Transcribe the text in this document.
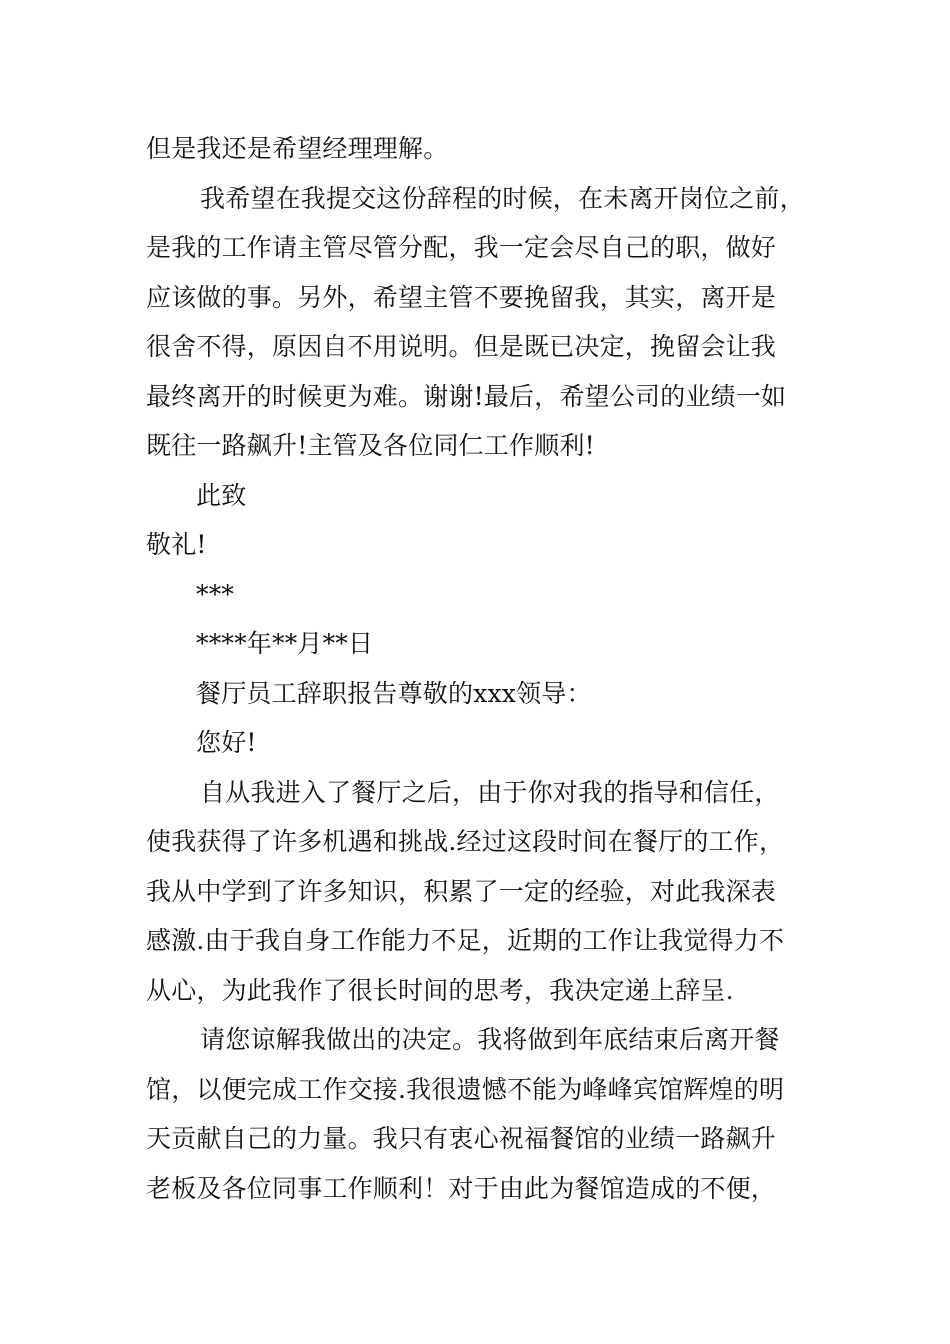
但是我还是希望经理理解。
我希望在我提交这份辞程的时候，在未离开岗位之前，
是我的工作请主管尽管分配，我一定会尽自己的职，做好
应该做的事。另外，希望主管不要挽留我，其实，离开是
很舍不得，原因自不用说明。但是既已决定，挽留会让我
最终离开的时候更为难。谢谢!最后，希望公司的业绩一如
既往一路飙升!主管及各位同仁工作顺利!
此致
敬礼!
***
****年**月**日
餐厅员工辞职报告尊敬的xxx领导：
您好!
自从我进入了餐厅之后，由于你对我的指导和信任，
使我获得了许多机遇和挑战.经过这段时间在餐厅的工作，
我从中学到了许多知识，积累了一定的经验，对此我深表
感激.由于我自身工作能力不足，近期的工作让我觉得力不
从心，为此我作了很长时间的思考，我决定递上辞呈.
请您谅解我做出的决定。我将做到年底结束后离开餐
馆，以便完成工作交接.我很遗憾不能为峰峰宾馆辉煌的明
天贡献自己的力量。我只有衷心祝福餐馆的业绩一路飙升
老板及各位同事工作顺利！对于由此为餐馆造成的不便，
